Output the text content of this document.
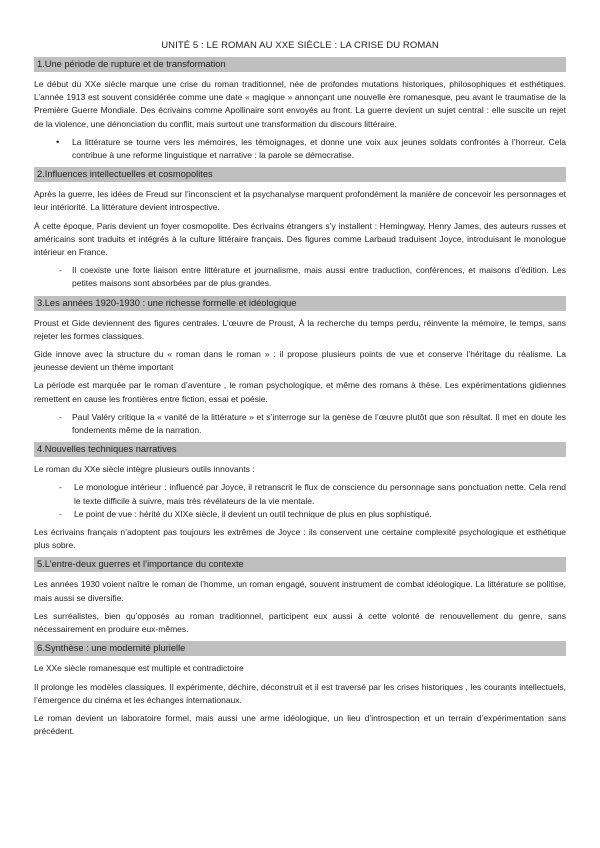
UNITÉ 5 : LE ROMAN AU XXE SIÈCLE : LA CRISE DU ROMAN
1.Une période de rupture et de transformation

Le début du XXe siècle marque une crise du roman traditionnel, née de profondes mutations historiques, philosophiques et esthétiques. L’année 1913 est souvent considérée comme une date « magique » annonçant une nouvelle ère romanesque, peu avant le traumatise de la Première Guerre Mondiale. Des écrivains comme Apollinaire sont envoyés au front. La guerre devient un sujet central : elle suscite un rejet de la violence, une dénonciation du conflit, mais surtout une transformation du discours littéraire.

• La littérature se tourne vers les mémoires, les témoignages, et donne une voix aux jeunes soldats confrontés à l’horreur. Cela contribue à une reforme linguistique et narrative : la parole se démocratise.
2.Influences intellectuelles et cosmopolites

Après la guerre, les idées de Freud sur l’inconscient et la psychanalyse marquent profondément la manière de concevoir les personnages et leur intériorité. La littérature devient introspective.

À cette époque, Paris devient un foyer cosmopolite. Des écrivains étrangers s’y installent : Hemingway, Henry James, des auteurs russes et américains sont traduits et intégrés à la culture littéraire français. Des figures comme Larbaud traduisent Joyce, introduisant le monologue intérieur en France.

- Il coexiste une forte liaison entre littérature et journalisme, mais aussi entre traduction, conférences, et maisons d’édition. Les petites maisons sont absorbées par de plus grandes.
3.Les années 1920-1930 : une richesse formelle et idéologique

Proust et Gide deviennent des figures centrales. L’œuvre de Proust, À la recherche du temps perdu, réinvente la mémoire, le temps, sans rejeter les formes classiques.

Gide innove avec la structure du « roman dans le roman » : il propose plusieurs points de vue et conserve l’héritage du réalisme. La jeunesse devient un thème important

La période est marquée par le roman d’aventure , le roman psychologique, et même des romans à thèse. Les expérimentations gidiennes remettent en cause les frontières entre fiction, essai et poésie.

- Paul Valéry critique la « vanité de la littérature » et s’interroge sur la genèse de l’œuvre plutôt que son résultat. Il met en doute les fondements même de la narration.
4.Nouvelles techniques narratives

Le roman du XXe siècle intègre plusieurs outils innovants :

- Le monologue intérieur : influencé par Joyce, il retranscrit le flux de conscience du personnage sans ponctuation nette. Cela rend le texte difficile à suivre, mais très révélateurs de la vie mentale.
- Le point de vue : hérité du XIXe siècle, il devient un outil technique de plus en plus sophistiqué.

Les écrivains français n’adoptent pas toujours les extrêmes de Joyce : ils conservent une certaine complexité psychologique et esthétique plus sobre.

5.L’entre-deux guerres et l’importance du contexte

Les années 1930 voient naître le roman de l’homme, un roman engagé, souvent instrument de combat idéologique. La littérature se politise, mais aussi se diversifie.

Les surréalistes, bien qu’opposés au roman traditionnel, participent eux aussi à cette volonté de renouvellement du genre, sans nécessairement en produire eux-mêmes.

6.Synthèse : une modernité plurielle

Le XXe siècle romanesque est multiple et contradictoire

Il prolonge les modèles classiques. Il expérimente, déchire, déconstruit et il est traversé par les crises historiques , les courants intellectuels, l’émergence du cinéma et les échanges internationaux.

Le roman devient un laboratoire formel, mais aussi une arme idéologique, un lieu d’introspection et un terrain d’expérimentation sans précédent.
